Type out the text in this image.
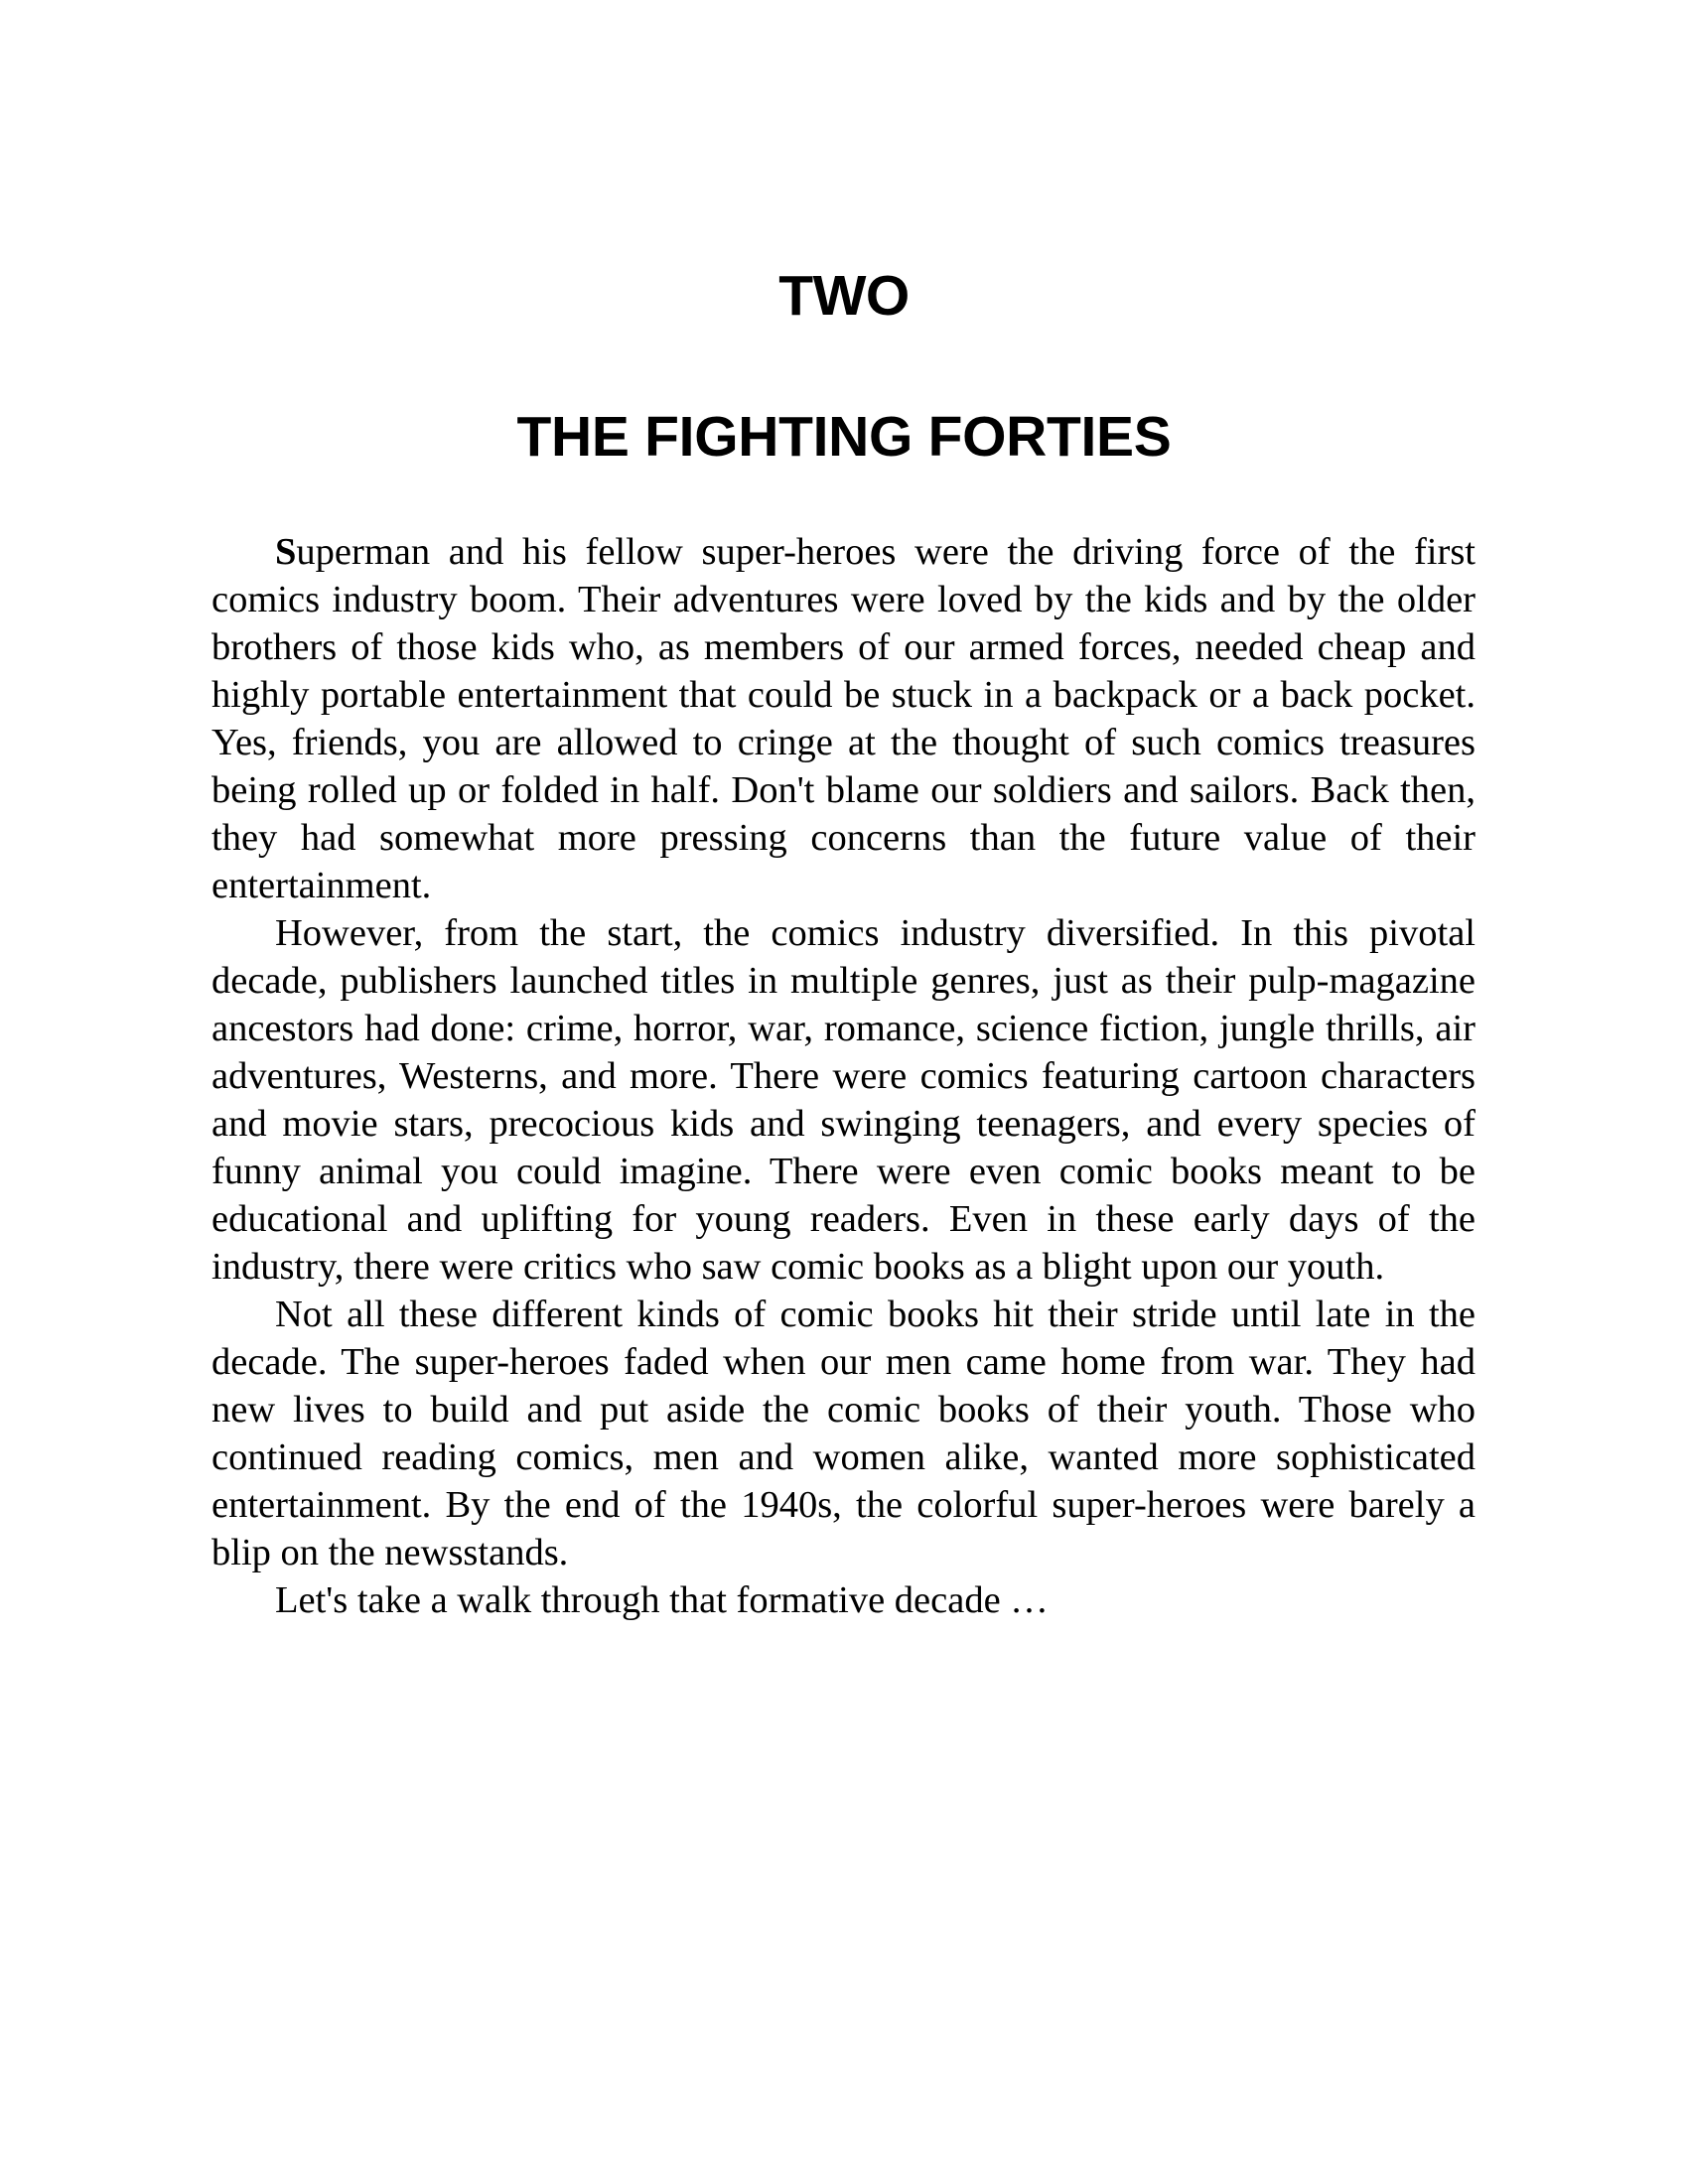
TWO
THE FIGHTING FORTIES

Superman and his fellow super-heroes were the driving force of the first comics industry boom. Their adventures were loved by the kids and by the older brothers of those kids who, as members of our armed forces, needed cheap and highly portable entertainment that could be stuck in a backpack or a back pocket. Yes, friends, you are allowed to cringe at the thought of such comics treasures being rolled up or folded in half. Don't blame our soldiers and sailors. Back then, they had somewhat more pressing concerns than the future value of their entertainment.

However, from the start, the comics industry diversified. In this pivotal decade, publishers launched titles in multiple genres, just as their pulp-magazine ancestors had done: crime, horror, war, romance, science fiction, jungle thrills, air adventures, Westerns, and more. There were comics featuring cartoon characters and movie stars, precocious kids and swinging teenagers, and every species of funny animal you could imagine. There were even comic books meant to be educational and uplifting for young readers. Even in these early days of the industry, there were critics who saw comic books as a blight upon our youth.

Not all these different kinds of comic books hit their stride until late in the decade. The super-heroes faded when our men came home from war. They had new lives to build and put aside the comic books of their youth. Those who continued reading comics, men and women alike, wanted more sophisticated entertainment. By the end of the 1940s, the colorful super-heroes were barely a blip on the newsstands.

Let's take a walk through that formative decade …
